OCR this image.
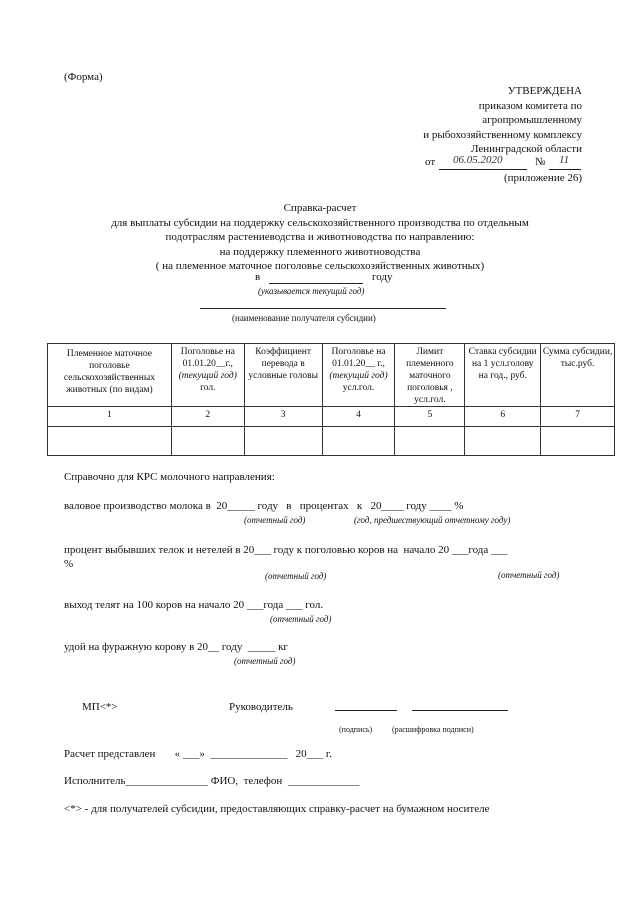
(Форма)
УТВЕРЖДЕНА
приказом комитета по
агропромышленному
и рыбохозяйственному комплексу
Ленинградской области
от 06.05.2020	№ 11
(приложение 26)
Справка-расчет
для выплаты субсидии на поддержку сельскохозяйственного производства по отдельным
подотраслям растениеводства и животноводства по направлению:
на поддержку племенного животноводства
( на племенное маточное поголовье сельскохозяйственных животных)
в	году
(указывается текущий год)
(наименование получателя субсидии)
Племенное маточное поголовье сельскохозяйственных животных (по видам)	Поголовье на 01.01.20__г.,
(текущий год)
гол.	Коэффициент перевода в условные головы	Поголовье на 01.01.20__ г.,
(текущий год)
усл.гол.	Лимит племенного маточного поголовья , усл.гол.	Ставка субсидии на 1 усл.голову на год., руб.	Сумма субсидии, тыс.руб.
1	2	3	4	5	6	7

Справочно для КРС молочного направления:
валовое производство молока в  20_____ году   в   процентах   к   20____ году ____ %
(отчетный год)	(год, предшествующий отчетному году)
процент выбывших телок и нетелей в 20___ году к поголовью коров на  начало 20 ___года ___
%
(отчетный год)	(отчетный год)
выход телят на 100 коров на начало 20 ___года ___ гол.
(отчетный год)
удой на фуражную корову в 20__ году  _____ кг
(отчетный год)
МП<*>	Руководитель
(подпись) (расшифровка подписи)
Расчет представлен       « ___»  ______________   20___ г.
Исполнитель_______________ ФИО,  телефон  _____________
<*> - для получателей субсидии, предоставляющих справку-расчет на бумажном носителе
